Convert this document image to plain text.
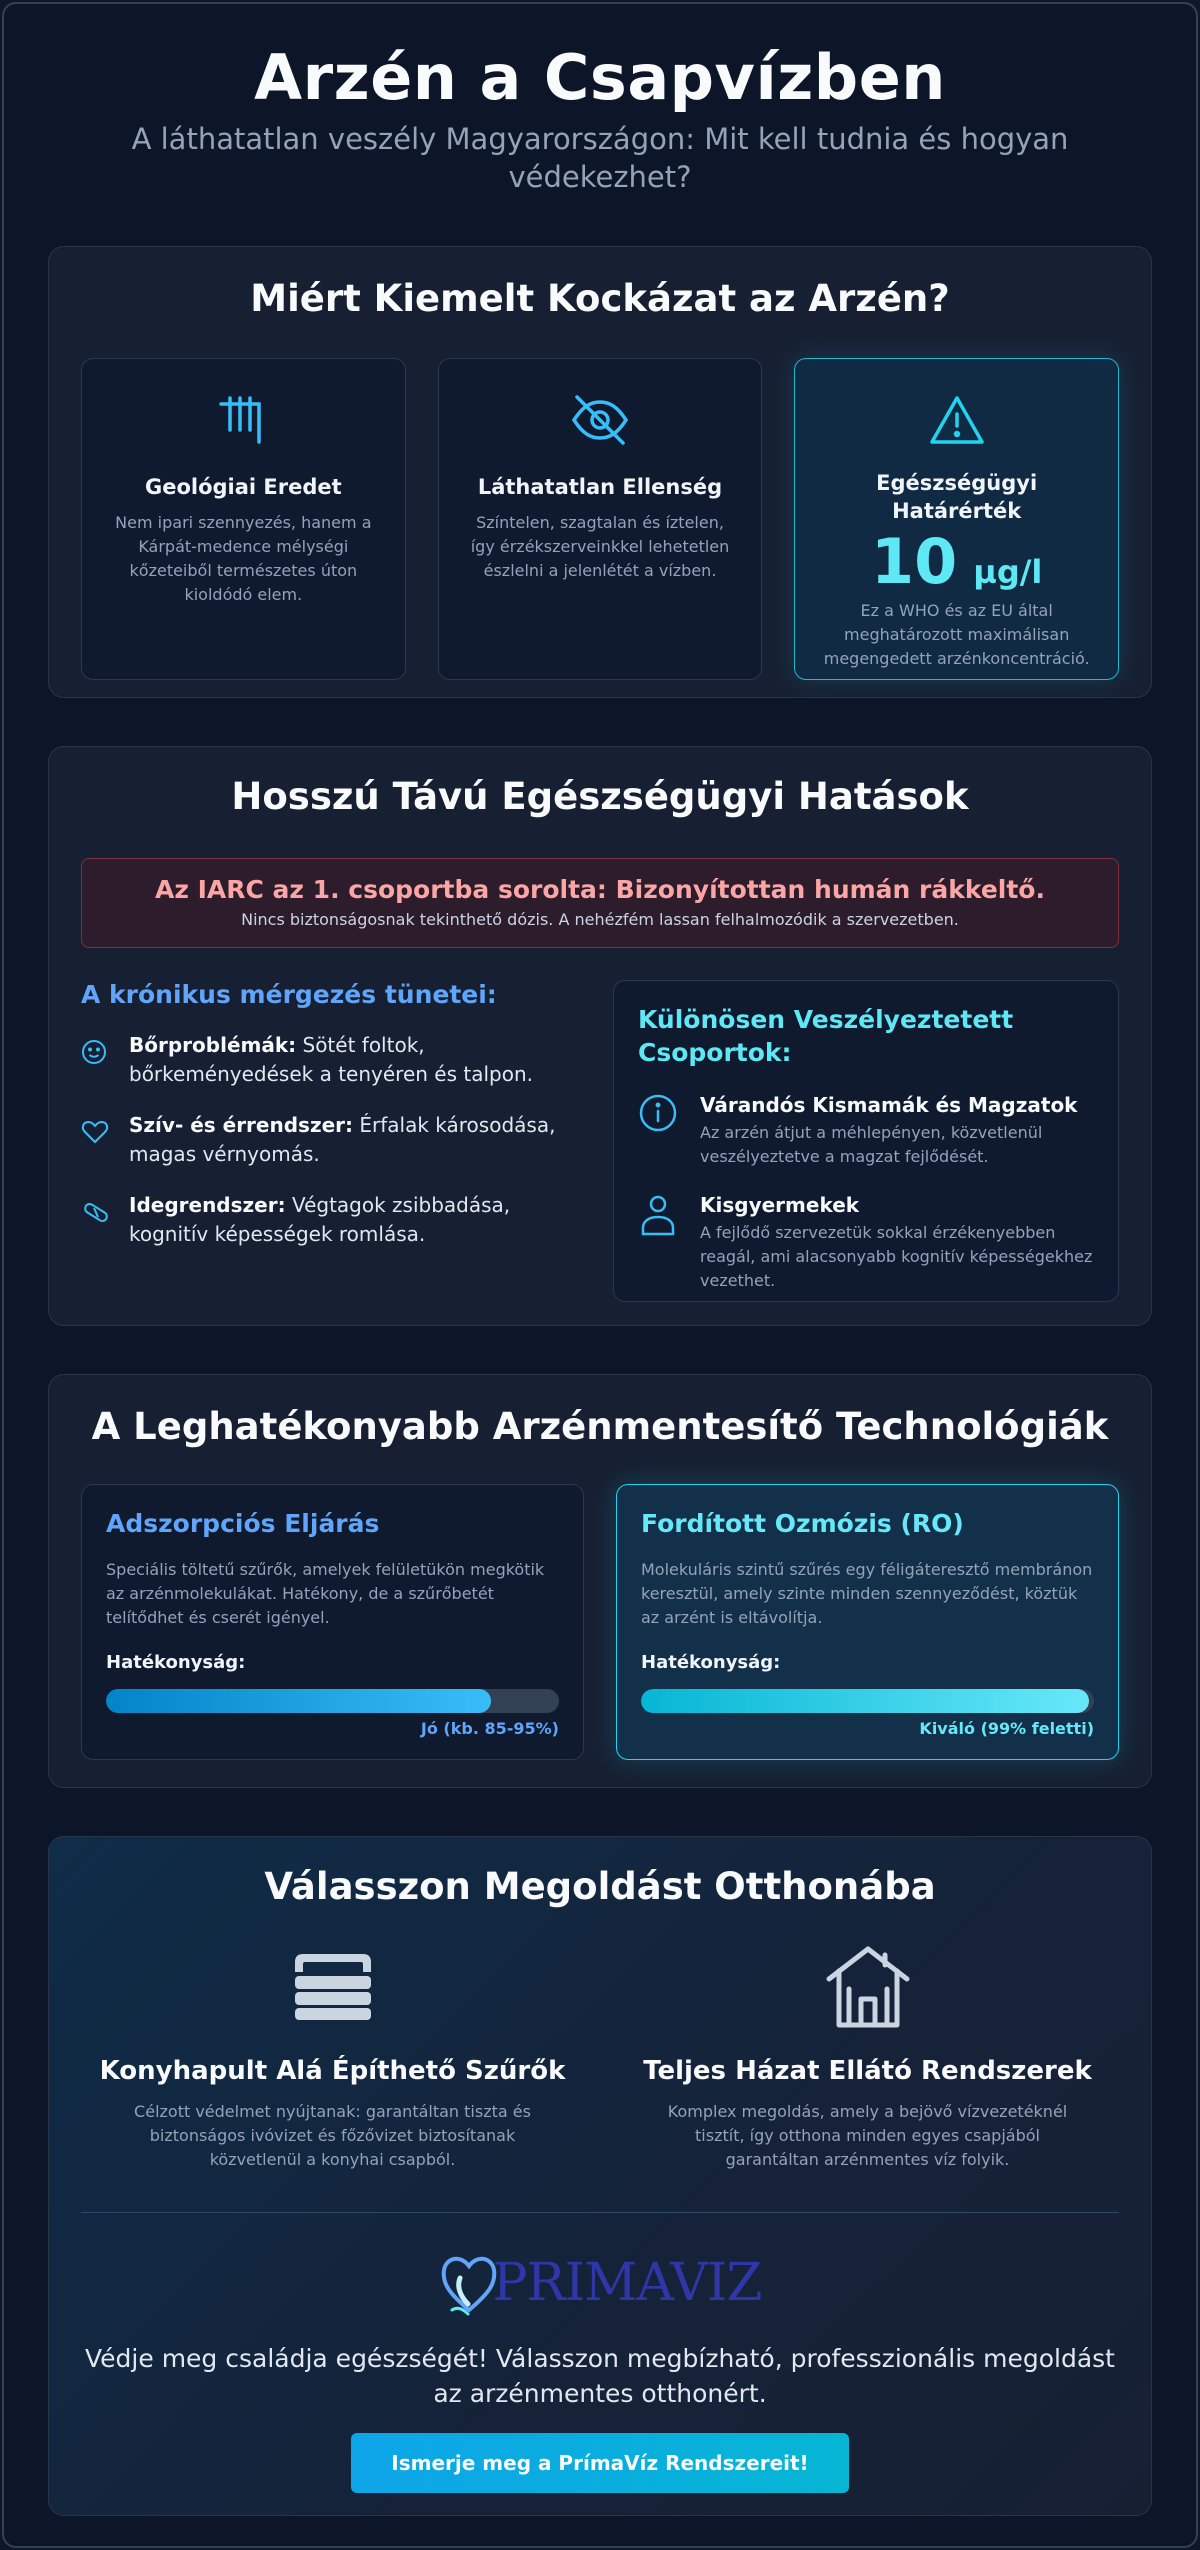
Arzén a Csapvízben

A láthatatlan veszély Magyarországon: Mit kell tudnia és hogyan védekezhet?

Miért Kiemelt Kockázat az Arzén?
Geológiai Eredet

Nem ipari szennyezés, hanem a Kárpát-medence mélységi kőzeteiből természetes úton kioldódó elem.

Láthatatlan Ellenség

Színtelen, szagtalan és íztelen, így érzékszerveinkkel lehetetlen észlelni a jelenlétét a vízben.

Egészségügyi Határérték
10 µg/l

Ez a WHO és az EU által meghatározott maximálisan megengedett arzénkoncentráció.

Hosszú Távú Egészségügyi Hatások
Az IARC az 1. csoportba sorolta: Bizonyítottan humán rákkeltő.
Nincs biztonságosnak tekinthető dózis. A nehézfém lassan felhalmozódik a szervezetben.
A krónikus mérgezés tünetei:
Bőrproblémák: Sötét foltok, bőrkeményedések a tenyéren és talpon.
Szív- és érrendszer: Érfalak károsodása, magas vérnyomás.
Idegrendszer: Végtagok zsibbadása, kognitív képességek romlása.
Különösen Veszélyeztetett Csoportok:
Várandós Kismamák és Magzatok
Az arzén átjut a méhlepényen, közvetlenül veszélyeztetve a magzat fejlődését.
Kisgyermekek
A fejlődő szervezetük sokkal érzékenyebben reagál, ami alacsonyabb kognitív képességekhez vezethet.
A Leghatékonyabb Arzénmentesítő Technológiák
Adszorpciós Eljárás

Speciális töltetű szűrők, amelyek felületükön megkötik az arzénmolekulákat. Hatékony, de a szűrőbetét telítődhet és cserét igényel.

Hatékonyság:
Jó (kb. 85-95%)
Fordított Ozmózis (RO)

Molekuláris szintű szűrés egy féligáteresztő membránon keresztül, amely szinte minden szennyeződést, köztük az arzént is eltávolítja.

Hatékonyság:
Kiváló (99% feletti)
Válasszon Megoldást Otthonába
Konyhapult Alá Építhető Szűrők

Célzott védelmet nyújtanak: garantáltan tiszta és biztonságos ivóvizet és főzővizet biztosítanak közvetlenül a konyhai csapból.

Teljes Házat Ellátó Rendszerek

Komplex megoldás, amely a bejövő vízvezetéknél tisztít, így otthona minden egyes csapjából garantáltan arzénmentes víz folyik.

PRIMAVIZ

Védje meg családja egészségét! Válasszon megbízható, professzionális megoldást az arzénmentes otthonért.

Ismerje meg a PrímaVíz Rendszereit!
